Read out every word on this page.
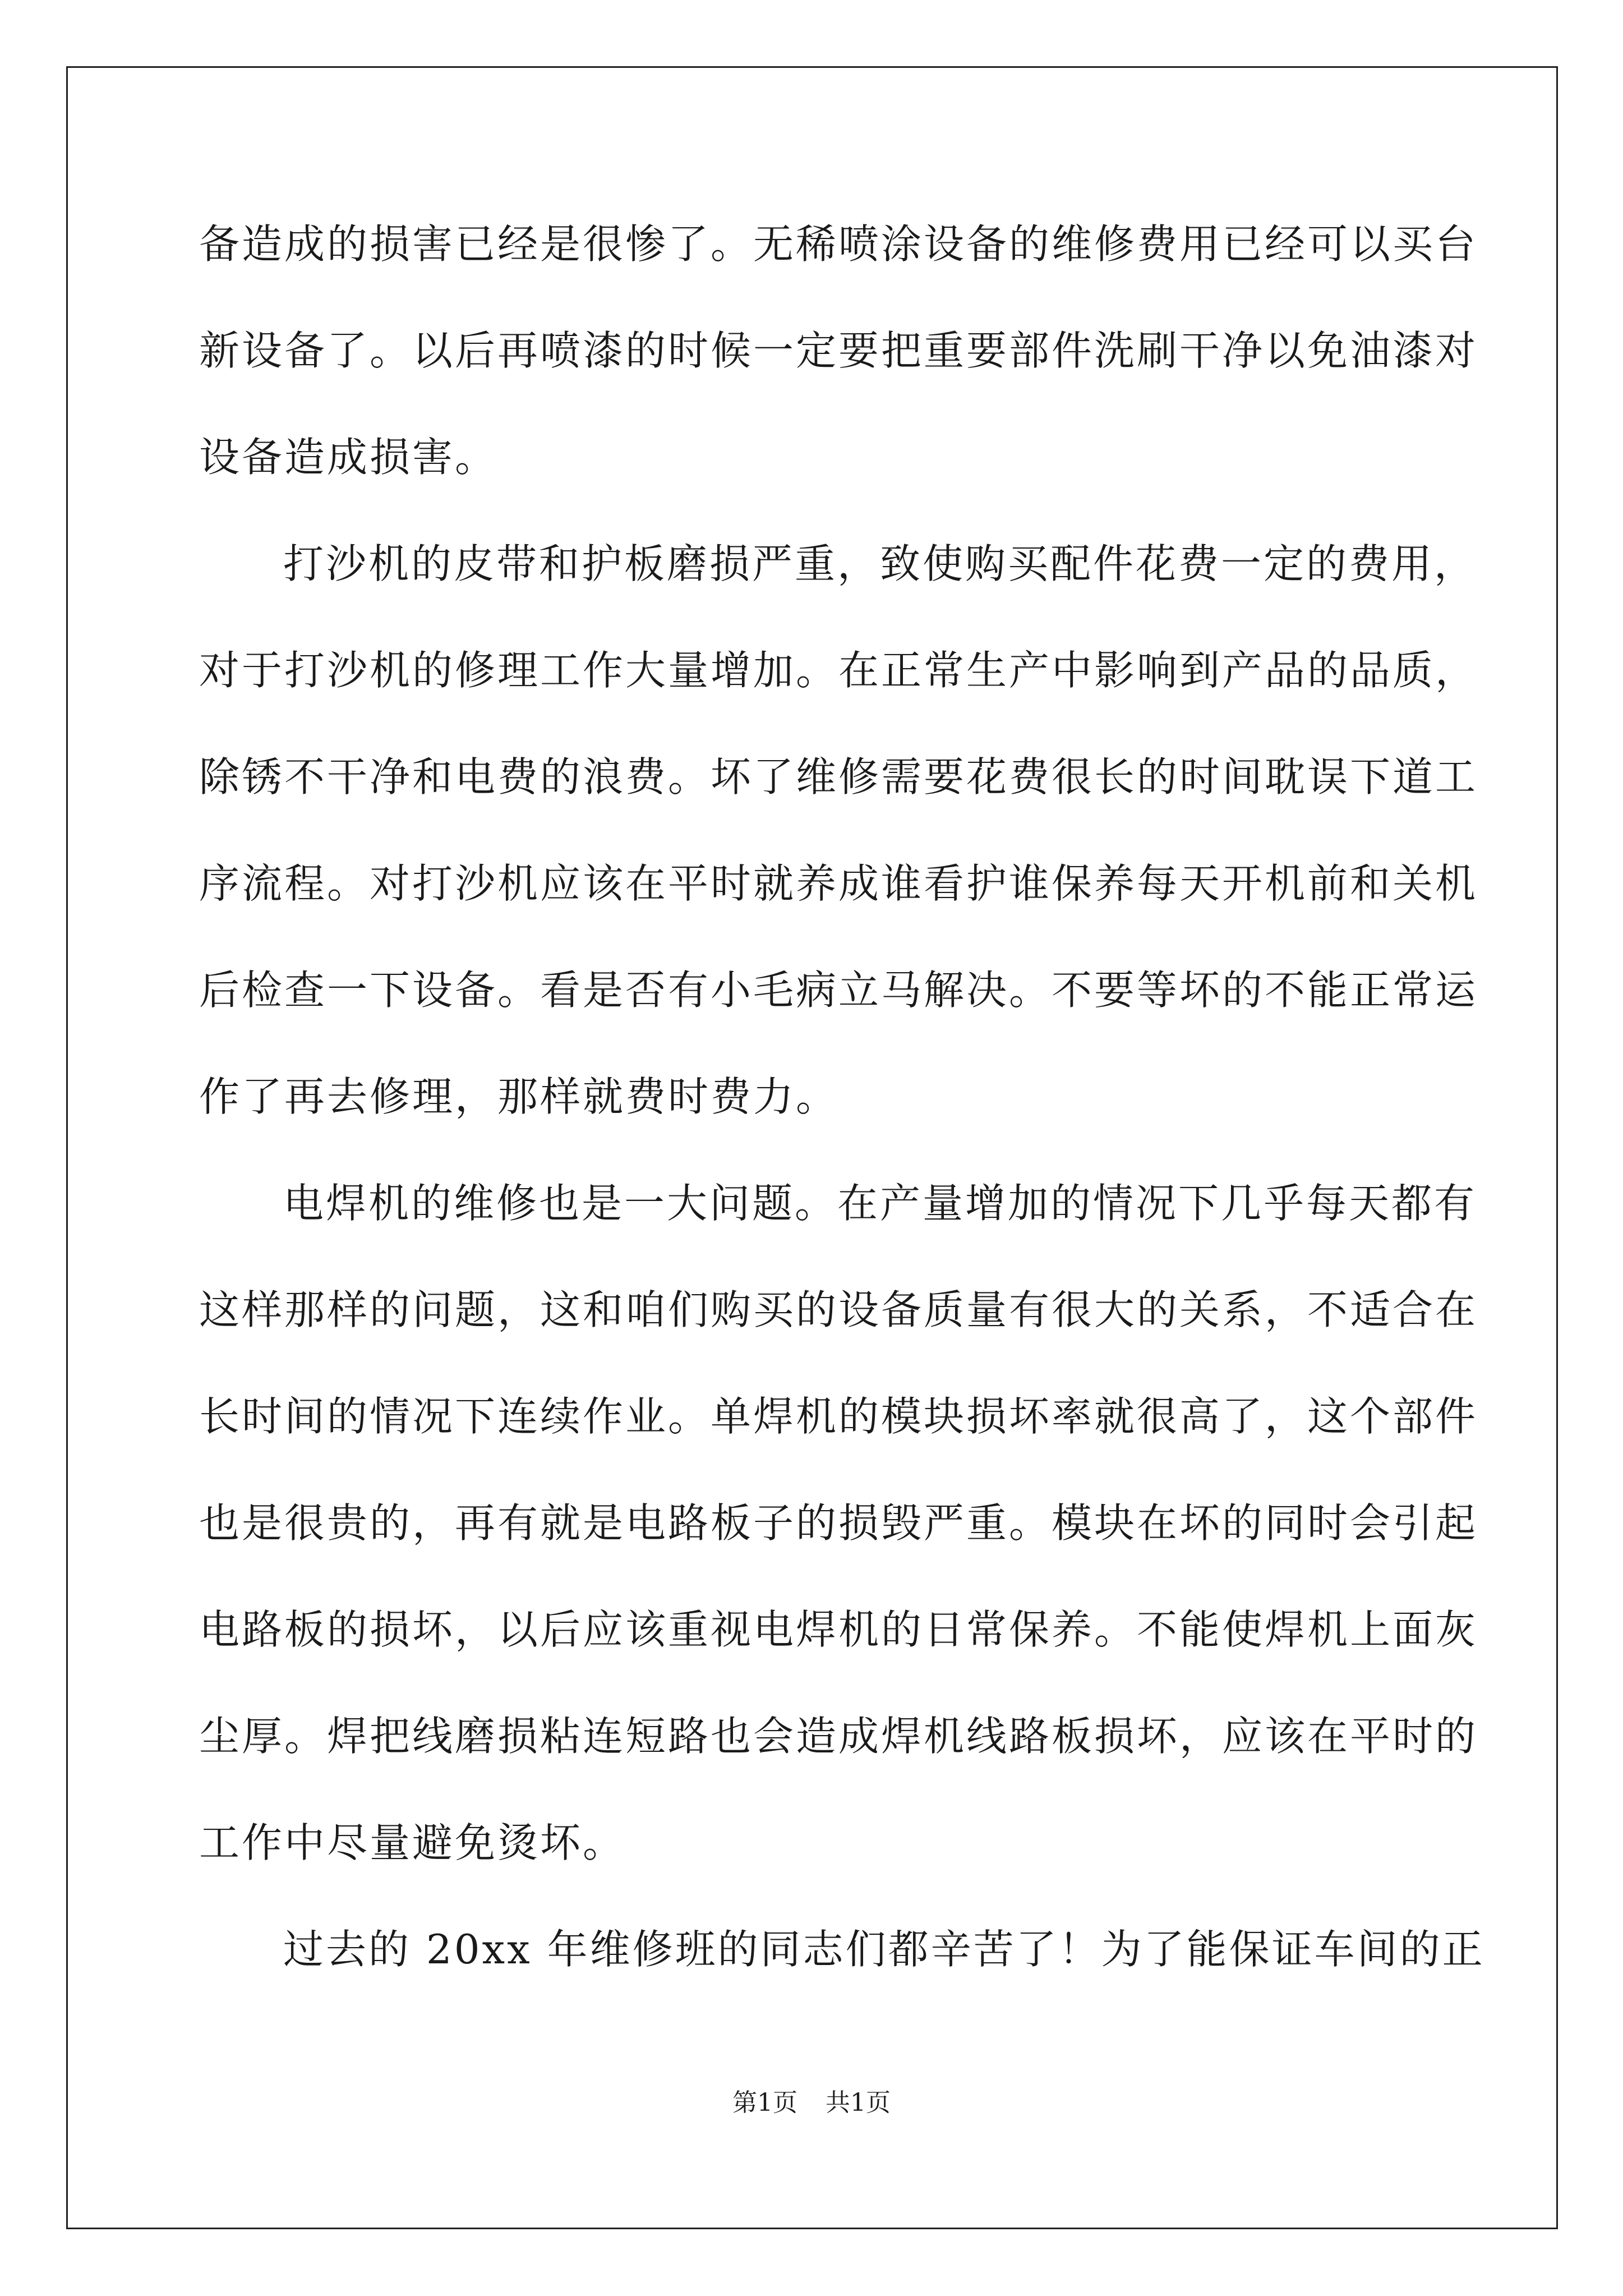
备造成的损害已经是很惨了。无稀喷涂设备的维修费用已经可以买台
新设备了。以后再喷漆的时候一定要把重要部件洗刷干净以免油漆对
设备造成损害。
打沙机的皮带和护板磨损严重，致使购买配件花费一定的费用，
对于打沙机的修理工作大量增加。在正常生产中影响到产品的品质，
除锈不干净和电费的浪费。坏了维修需要花费很长的时间耽误下道工
序流程。对打沙机应该在平时就养成谁看护谁保养每天开机前和关机
后检查一下设备。看是否有小毛病立马解决。不要等坏的不能正常运
作了再去修理，那样就费时费力。
电焊机的维修也是一大问题。在产量增加的情况下几乎每天都有
这样那样的问题，这和咱们购买的设备质量有很大的关系，不适合在
长时间的情况下连续作业。单焊机的模块损坏率就很高了，这个部件
也是很贵的，再有就是电路板子的损毁严重。模块在坏的同时会引起
电路板的损坏，以后应该重视电焊机的日常保养。不能使焊机上面灰
尘厚。焊把线磨损粘连短路也会造成焊机线路板损坏，应该在平时的
工作中尽量避免烫坏。
过去的 20xx 年维修班的同志们都辛苦了！为了能保证车间的正
第1页 共1页
